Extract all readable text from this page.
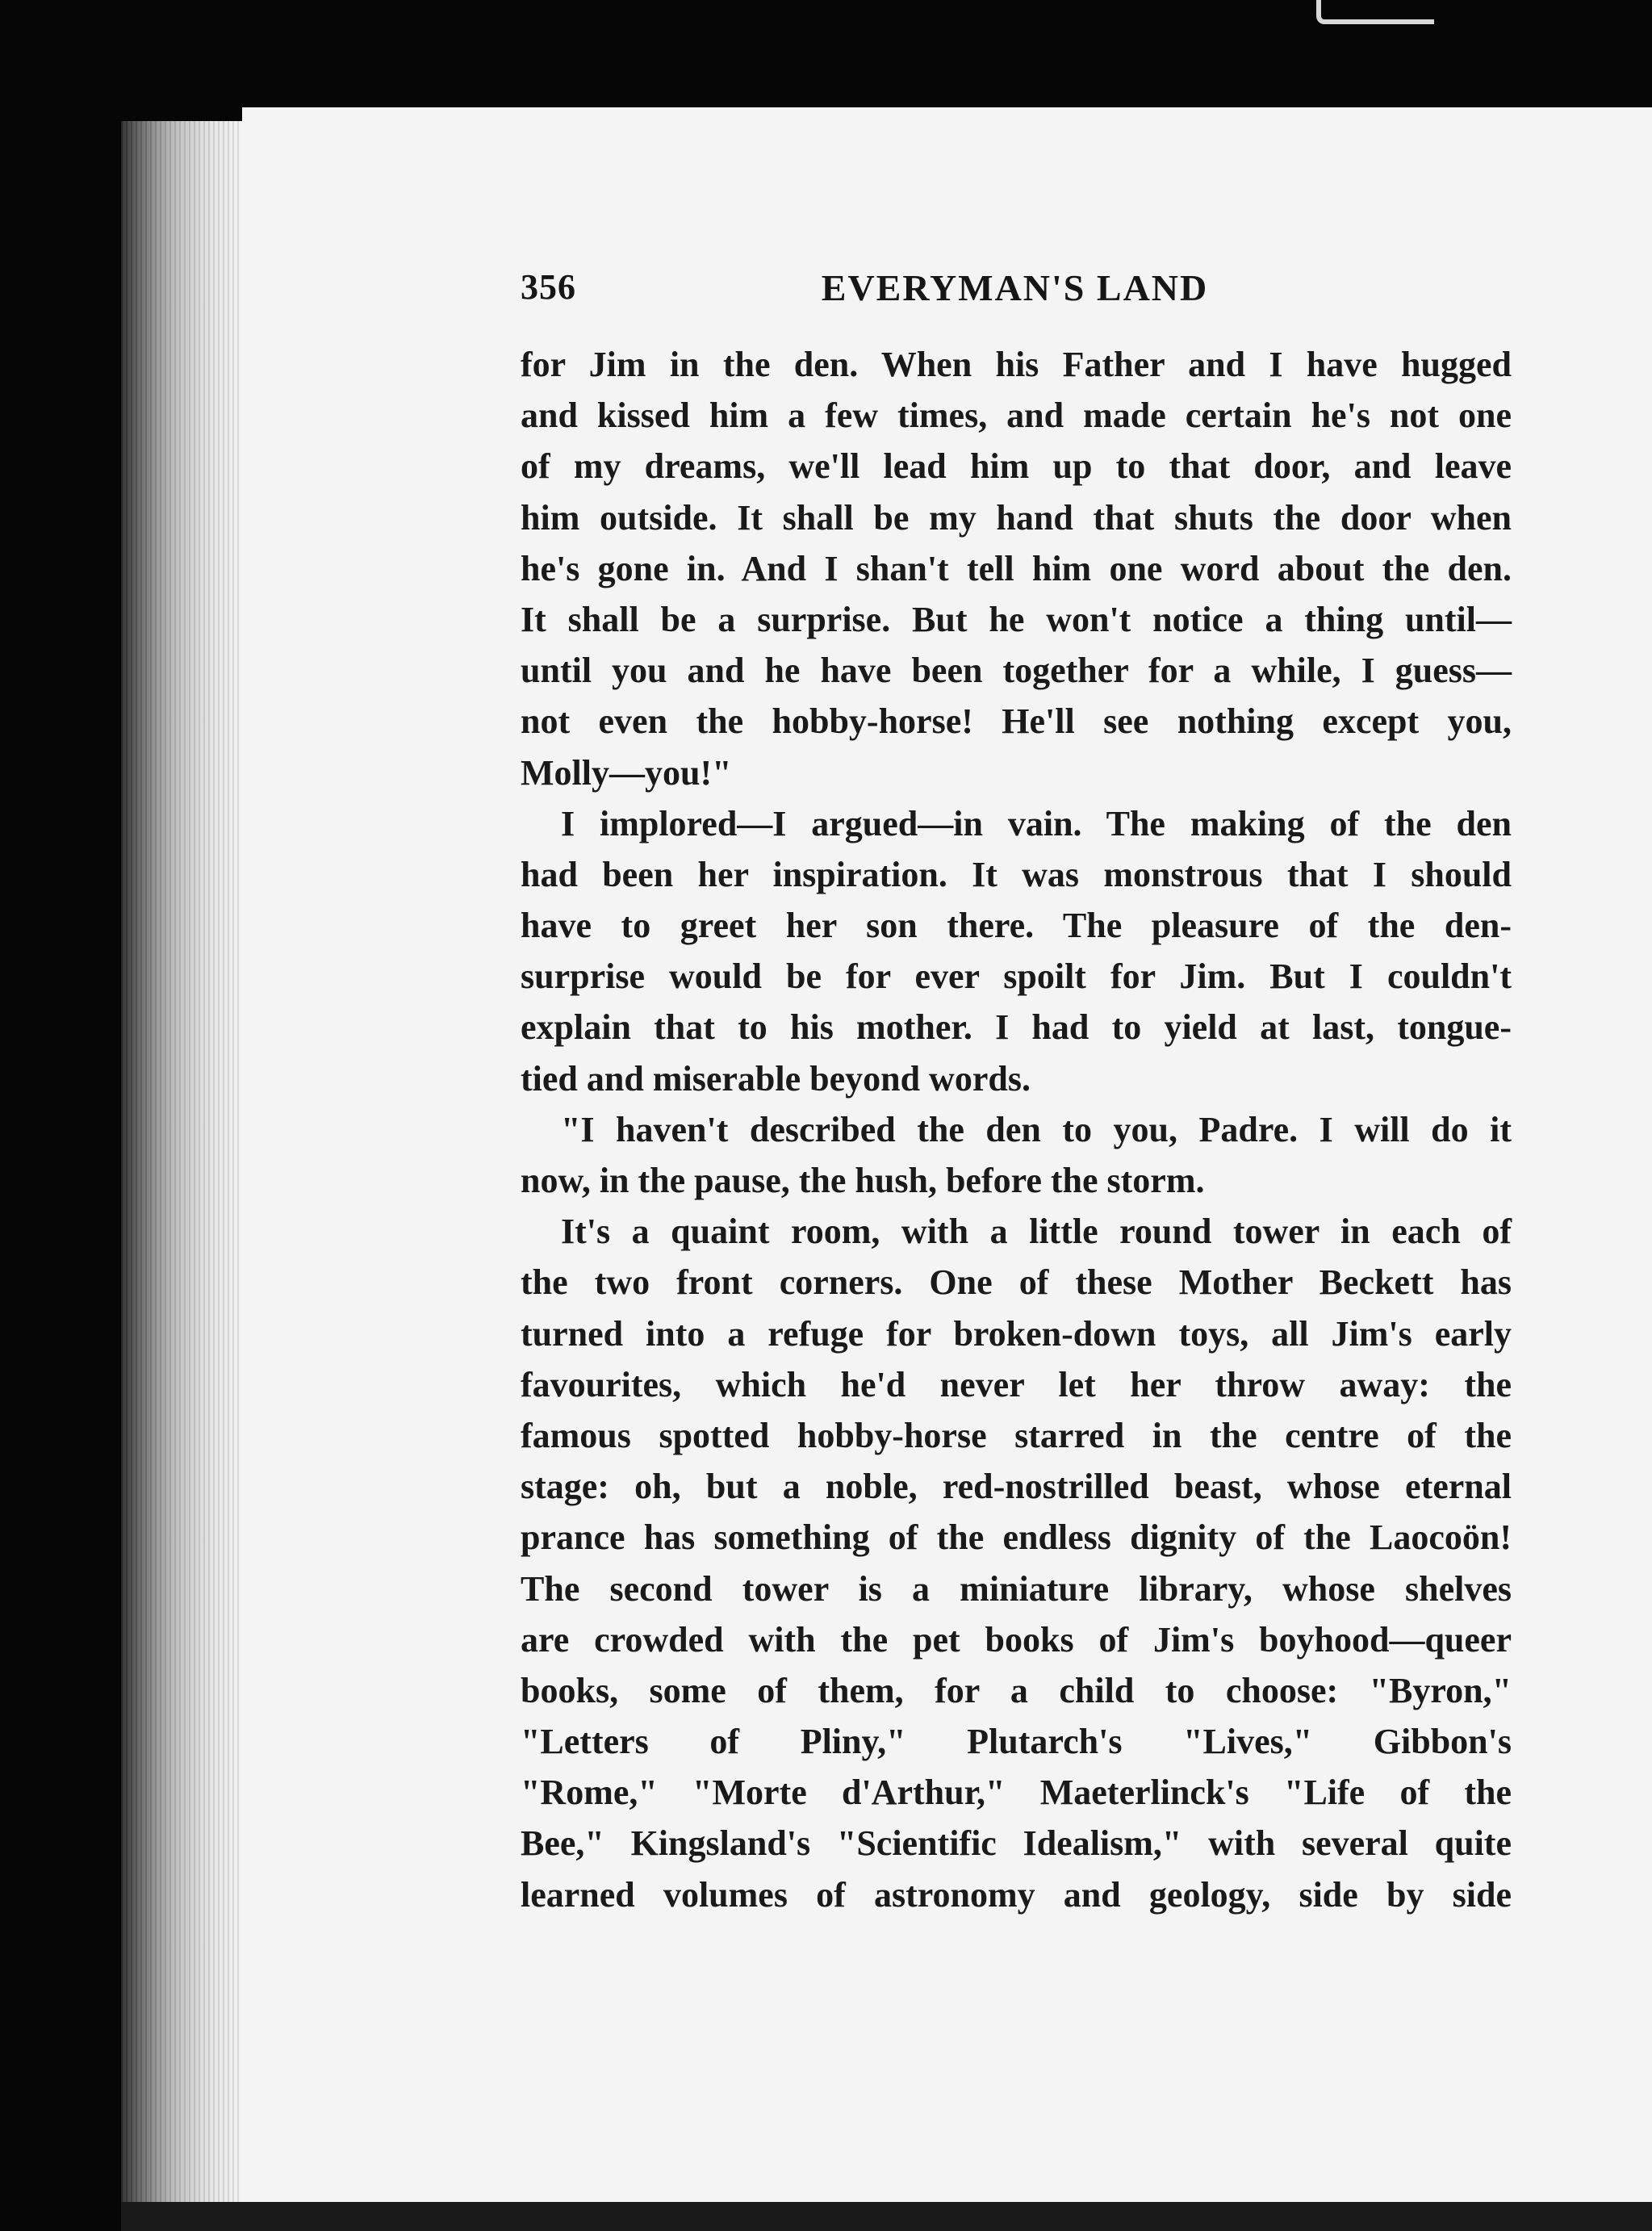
356	EVERYMAN'S LAND
for Jim in the den. When his Father and I have hugged
and kissed him a few times, and made certain he's not one
of my dreams, we'll lead him up to that door, and leave
him outside. It shall be my hand that shuts the door when
he's gone in. And I shan't tell him one word about the den.
It shall be a surprise. But he won't notice a thing until—
until you and he have been together for a while, I guess—
not even the hobby-horse! He'll see nothing except you,
Molly—you!"
I implored—I argued—in vain. The making of the den
had been her inspiration. It was monstrous that I should
have to greet her son there. The pleasure of the den-
surprise would be for ever spoilt for Jim. But I couldn't
explain that to his mother. I had to yield at last, tongue-
tied and miserable beyond words.
"I haven't described the den to you, Padre. I will do it
now, in the pause, the hush, before the storm.
It's a quaint room, with a little round tower in each of
the two front corners. One of these Mother Beckett has
turned into a refuge for broken-down toys, all Jim's early
favourites, which he'd never let her throw away: the
famous spotted hobby-horse starred in the centre of the
stage: oh, but a noble, red-nostrilled beast, whose eternal
prance has something of the endless dignity of the Laocoön!
The second tower is a miniature library, whose shelves
are crowded with the pet books of Jim's boyhood—queer
books, some of them, for a child to choose: "Byron,"
"Letters of Pliny," Plutarch's "Lives," Gibbon's
"Rome," "Morte d'Arthur," Maeterlinck's "Life of the
Bee," Kingsland's "Scientific Idealism," with several quite
learned volumes of astronomy and geology, side by side
